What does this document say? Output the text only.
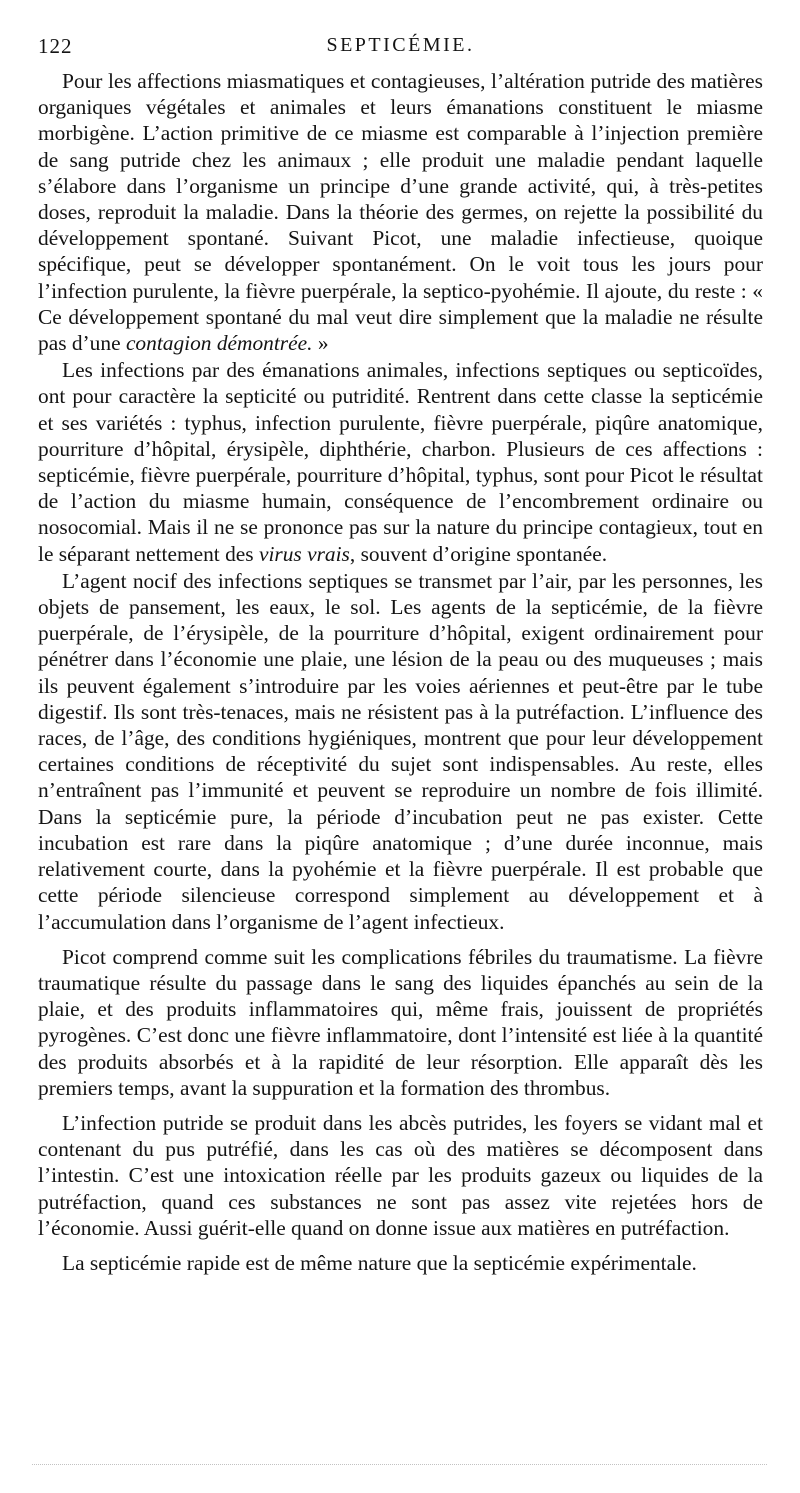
122	SEPTICÉMIE.

Pour les affections miasmatiques et contagieuses, l’altération putride des matières organiques végétales et animales et leurs émanations constituent le miasme morbigène. L’action primitive de ce miasme est comparable à l’injection première de sang putride chez les animaux ; elle produit une maladie pendant laquelle s’élabore dans l’organisme un principe d’une grande activité, qui, à très-petites doses, reproduit la maladie. Dans la théorie des germes, on rejette la possibilité du développement spontané. Suivant Picot, une maladie infectieuse, quoique spécifique, peut se développer spontanément. On le voit tous les jours pour l’infection purulente, la fièvre puerpérale, la septico-pyohémie. Il ajoute, du reste : « Ce développement spontané du mal veut dire simplement que la maladie ne résulte pas d’une contagion démontrée. »

Les infections par des émanations animales, infections septiques ou septicoïdes, ont pour caractère la septicité ou putridité. Rentrent dans cette classe la septicémie et ses variétés : typhus, infection purulente, fièvre puerpérale, piqûre anatomique, pourriture d’hôpital, érysipèle, diphthérie, charbon. Plusieurs de ces affections : septicémie, fièvre puerpérale, pourriture d’hôpital, typhus, sont pour Picot le résultat de l’action du miasme humain, conséquence de l’encombrement ordinaire ou nosocomial. Mais il ne se prononce pas sur la nature du principe contagieux, tout en le séparant nettement des virus vrais, souvent d’origine spontanée.

L’agent nocif des infections septiques se transmet par l’air, par les personnes, les objets de pansement, les eaux, le sol. Les agents de la septicémie, de la fièvre puerpérale, de l’érysipèle, de la pourriture d’hôpital, exigent ordinairement pour pénétrer dans l’économie une plaie, une lésion de la peau ou des muqueuses ; mais ils peuvent également s’introduire par les voies aériennes et peut-être par le tube digestif. Ils sont très-tenaces, mais ne résistent pas à la putréfaction. L’influence des races, de l’âge, des conditions hygiéniques, montrent que pour leur développement certaines conditions de réceptivité du sujet sont indispensables. Au reste, elles n’entraînent pas l’immunité et peuvent se reproduire un nombre de fois illimité. Dans la septicémie pure, la période d’incubation peut ne pas exister. Cette incubation est rare dans la piqûre anatomique ; d’une durée inconnue, mais relativement courte, dans la pyohémie et la fièvre puerpérale. Il est probable que cette période silencieuse correspond simplement au développement et à l’accumulation dans l’organisme de l’agent infectieux.

Picot comprend comme suit les complications fébriles du traumatisme. La fièvre traumatique résulte du passage dans le sang des liquides épanchés au sein de la plaie, et des produits inflammatoires qui, même frais, jouissent de propriétés pyrogènes. C’est donc une fièvre inflammatoire, dont l’intensité est liée à la quantité des produits absorbés et à la rapidité de leur résorption. Elle apparaît dès les premiers temps, avant la suppuration et la formation des thrombus.

L’infection putride se produit dans les abcès putrides, les foyers se vidant mal et contenant du pus putréfié, dans les cas où des matières se décomposent dans l’intestin. C’est une intoxication réelle par les produits gazeux ou liquides de la putréfaction, quand ces substances ne sont pas assez vite rejetées hors de l’économie. Aussi guérit-elle quand on donne issue aux matières en putréfaction.

La septicémie rapide est de même nature que la septicémie expérimentale.
